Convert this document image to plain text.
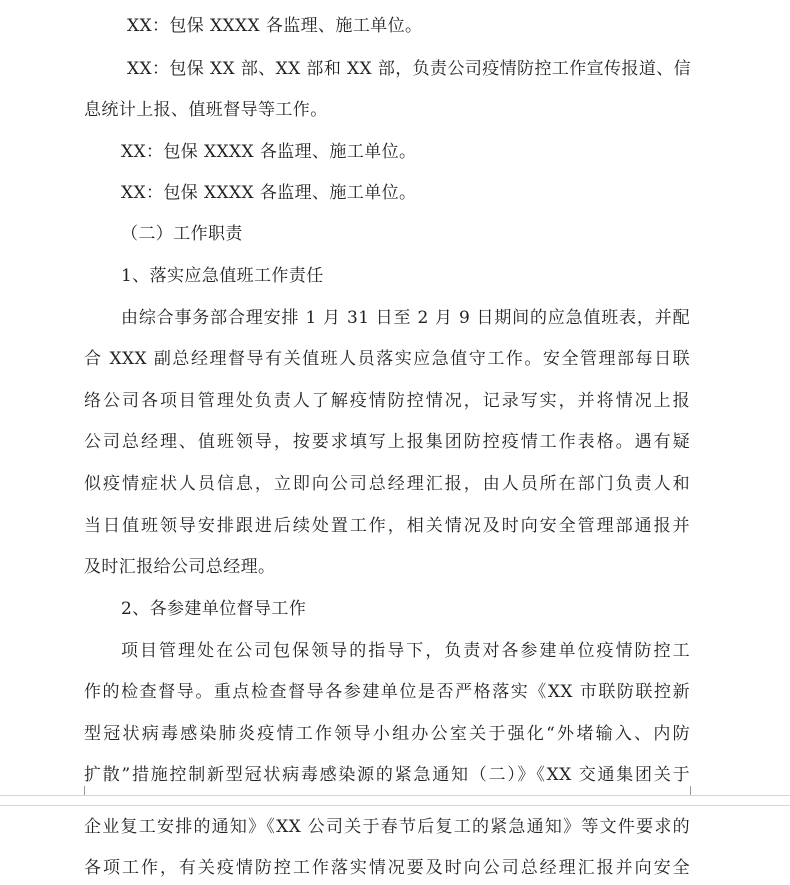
XX：包保 XXXX 各监理、施工单位。
XX：包保 XX 部、XX 部和 XX 部，负责公司疫情防控工作宣传报道、信
息统计上报、值班督导等工作。
XX：包保 XXXX 各监理、施工单位。
XX：包保 XXXX 各监理、施工单位。
（二）工作职责
1、落实应急值班工作责任
由综合事务部合理安排 1 月 31 日至 2 月 9 日期间的应急值班表，并配
合 XXX 副总经理督导有关值班人员落实应急值守工作。安全管理部每日联
络公司各项目管理处负责人了解疫情防控情况，记录写实，并将情况上报
公司总经理、值班领导，按要求填写上报集团防控疫情工作表格。遇有疑
似疫情症状人员信息，立即向公司总经理汇报，由人员所在部门负责人和
当日值班领导安排跟进后续处置工作，相关情况及时向安全管理部通报并
及时汇报给公司总经理。
2、各参建单位督导工作
项目管理处在公司包保领导的指导下，负责对各参建单位疫情防控工
作的检查督导。重点检查督导各参建单位是否严格落实《XX 市联防联控新
型冠状病毒感染肺炎疫情工作领导小组办公室关于强化“外堵输入、内防
扩散”措施控制新型冠状病毒感染源的紧急通知（二）》《XX 交通集团关于
企业复工安排的通知》《XX 公司关于春节后复工的紧急通知》等文件要求的
各项工作，有关疫情防控工作落实情况要及时向公司总经理汇报并向安全
